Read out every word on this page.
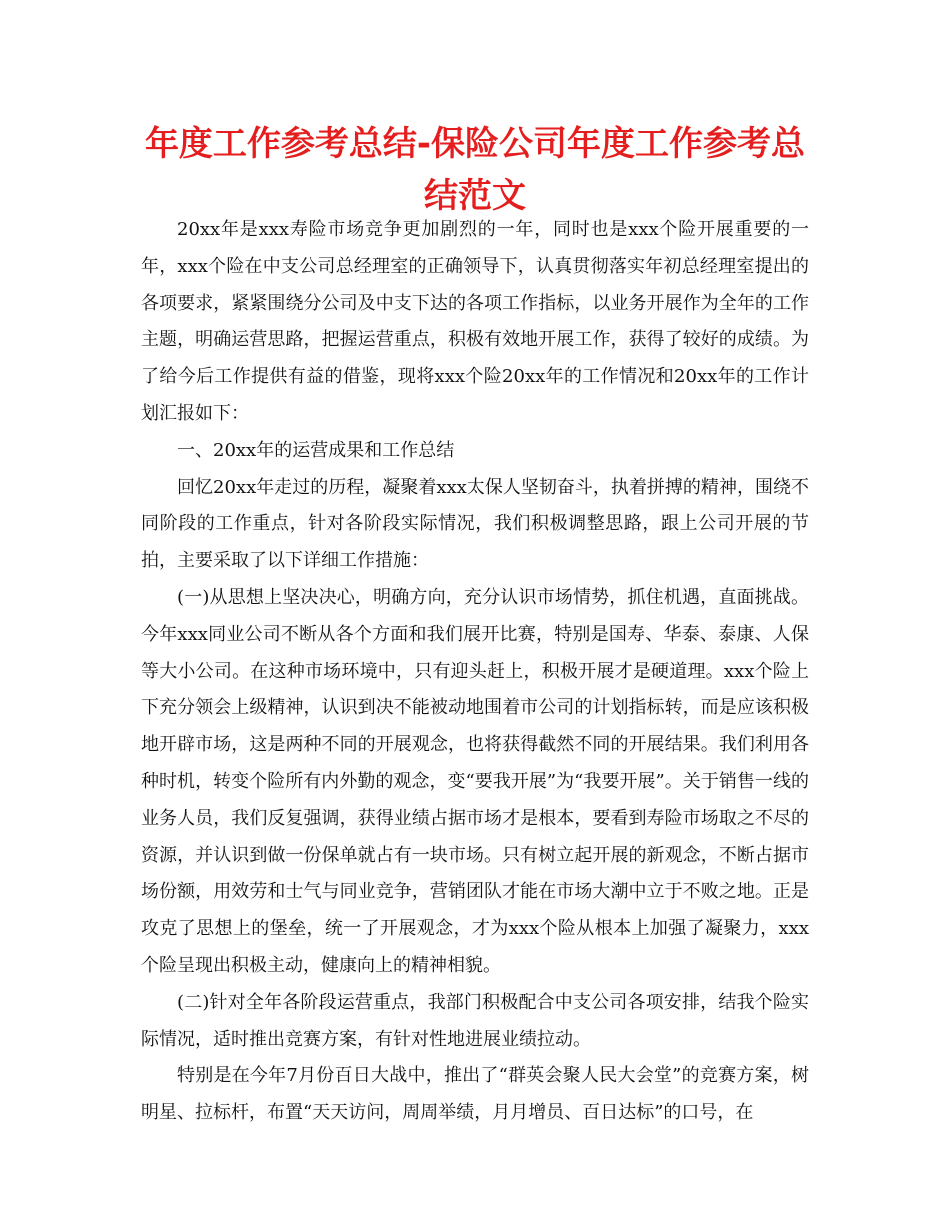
年度工作参考总结-保险公司年度工作参考总结范文

20xx年是xxx寿险市场竞争更加剧烈的一年，同时也是xxx个险开展重要的一年，xxx个险在中支公司总经理室的正确领导下，认真贯彻落实年初总经理室提出的各项要求，紧紧围绕分公司及中支下达的各项工作指标，以业务开展作为全年的工作主题，明确运营思路，把握运营重点，积极有效地开展工作，获得了较好的成绩。为了给今后工作提供有益的借鉴，现将xxx个险20xx年的工作情况和20xx年的工作计划汇报如下：

一、20xx年的运营成果和工作总结

回忆20xx年走过的历程，凝聚着xxx太保人坚韧奋斗，执着拼搏的精神，围绕不同阶段的工作重点，针对各阶段实际情况，我们积极调整思路，跟上公司开展的节拍，主要采取了以下详细工作措施：

(一)从思想上坚决决心，明确方向，充分认识市场情势，抓住机遇，直面挑战。今年xxx同业公司不断从各个方面和我们展开比赛，特别是国寿、华泰、泰康、人保等大小公司。在这种市场环境中，只有迎头赶上，积极开展才是硬道理。xxx个险上下充分领会上级精神，认识到决不能被动地围着市公司的计划指标转，而是应该积极地开辟市场，这是两种不同的开展观念，也将获得截然不同的开展结果。我们利用各种时机，转变个险所有内外勤的观念，变“要我开展”为“我要开展”。关于销售一线的业务人员，我们反复强调，获得业绩占据市场才是根本，要看到寿险市场取之不尽的资源，并认识到做一份保单就占有一块市场。只有树立起开展的新观念，不断占据市场份额，用效劳和士气与同业竞争，营销团队才能在市场大潮中立于不败之地。正是攻克了思想上的堡垒，统一了开展观念，才为xxx个险从根本上加强了凝聚力，xxx个险呈现出积极主动，健康向上的精神相貌。

(二)针对全年各阶段运营重点，我部门积极配合中支公司各项安排，结我个险实际情况，适时推出竞赛方案，有针对性地进展业绩拉动。

特别是在今年7月份百日大战中，推出了“群英会聚人民大会堂”的竞赛方案，树明星、拉标杆，布置“天天访问，周周举绩，月月增员、百日达标”的口号，在
